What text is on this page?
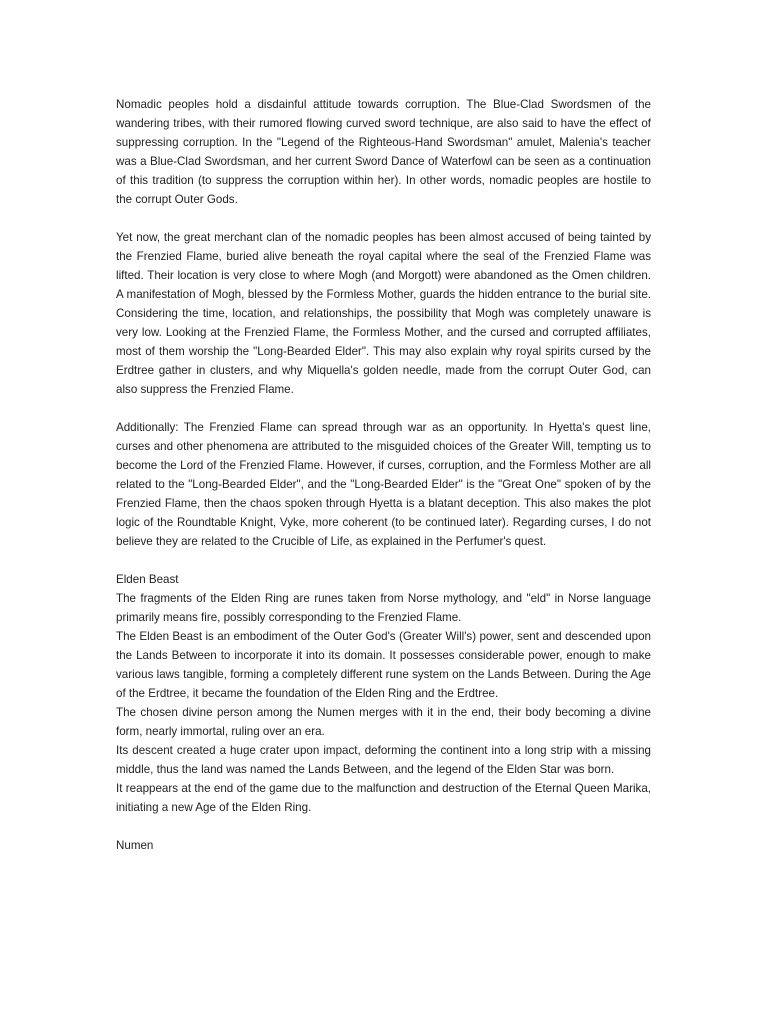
Nomadic peoples hold a disdainful attitude towards corruption. The Blue-Clad Swordsmen of the wandering tribes, with their rumored flowing curved sword technique, are also said to have the effect of suppressing corruption. In the "Legend of the Righteous-Hand Swordsman" amulet, Malenia's teacher was a Blue-Clad Swordsman, and her current Sword Dance of Waterfowl can be seen as a continuation of this tradition (to suppress the corruption within her). In other words, nomadic peoples are hostile to the corrupt Outer Gods.

Yet now, the great merchant clan of the nomadic peoples has been almost accused of being tainted by the Frenzied Flame, buried alive beneath the royal capital where the seal of the Frenzied Flame was lifted. Their location is very close to where Mogh (and Morgott) were abandoned as the Omen children. A manifestation of Mogh, blessed by the Formless Mother, guards the hidden entrance to the burial site. Considering the time, location, and relationships, the possibility that Mogh was completely unaware is very low. Looking at the Frenzied Flame, the Formless Mother, and the cursed and corrupted affiliates, most of them worship the "Long-Bearded Elder". This may also explain why royal spirits cursed by the Erdtree gather in clusters, and why Miquella's golden needle, made from the corrupt Outer God, can also suppress the Frenzied Flame.

Additionally: The Frenzied Flame can spread through war as an opportunity. In Hyetta's quest line, curses and other phenomena are attributed to the misguided choices of the Greater Will, tempting us to become the Lord of the Frenzied Flame. However, if curses, corruption, and the Formless Mother are all related to the "Long-Bearded Elder", and the "Long-Bearded Elder" is the "Great One" spoken of by the Frenzied Flame, then the chaos spoken through Hyetta is a blatant deception. This also makes the plot logic of the Roundtable Knight, Vyke, more coherent (to be continued later). Regarding curses, I do not believe they are related to the Crucible of Life, as explained in the Perfumer's quest.

Elden Beast

The fragments of the Elden Ring are runes taken from Norse mythology, and "eld" in Norse language primarily means fire, possibly corresponding to the Frenzied Flame.

The Elden Beast is an embodiment of the Outer God's (Greater Will's) power, sent and descended upon the Lands Between to incorporate it into its domain. It possesses considerable power, enough to make various laws tangible, forming a completely different rune system on the Lands Between. During the Age of the Erdtree, it became the foundation of the Elden Ring and the Erdtree.

The chosen divine person among the Numen merges with it in the end, their body becoming a divine form, nearly immortal, ruling over an era.

Its descent created a huge crater upon impact, deforming the continent into a long strip with a missing middle, thus the land was named the Lands Between, and the legend of the Elden Star was born.

It reappears at the end of the game due to the malfunction and destruction of the Eternal Queen Marika, initiating a new Age of the Elden Ring.

Numen
